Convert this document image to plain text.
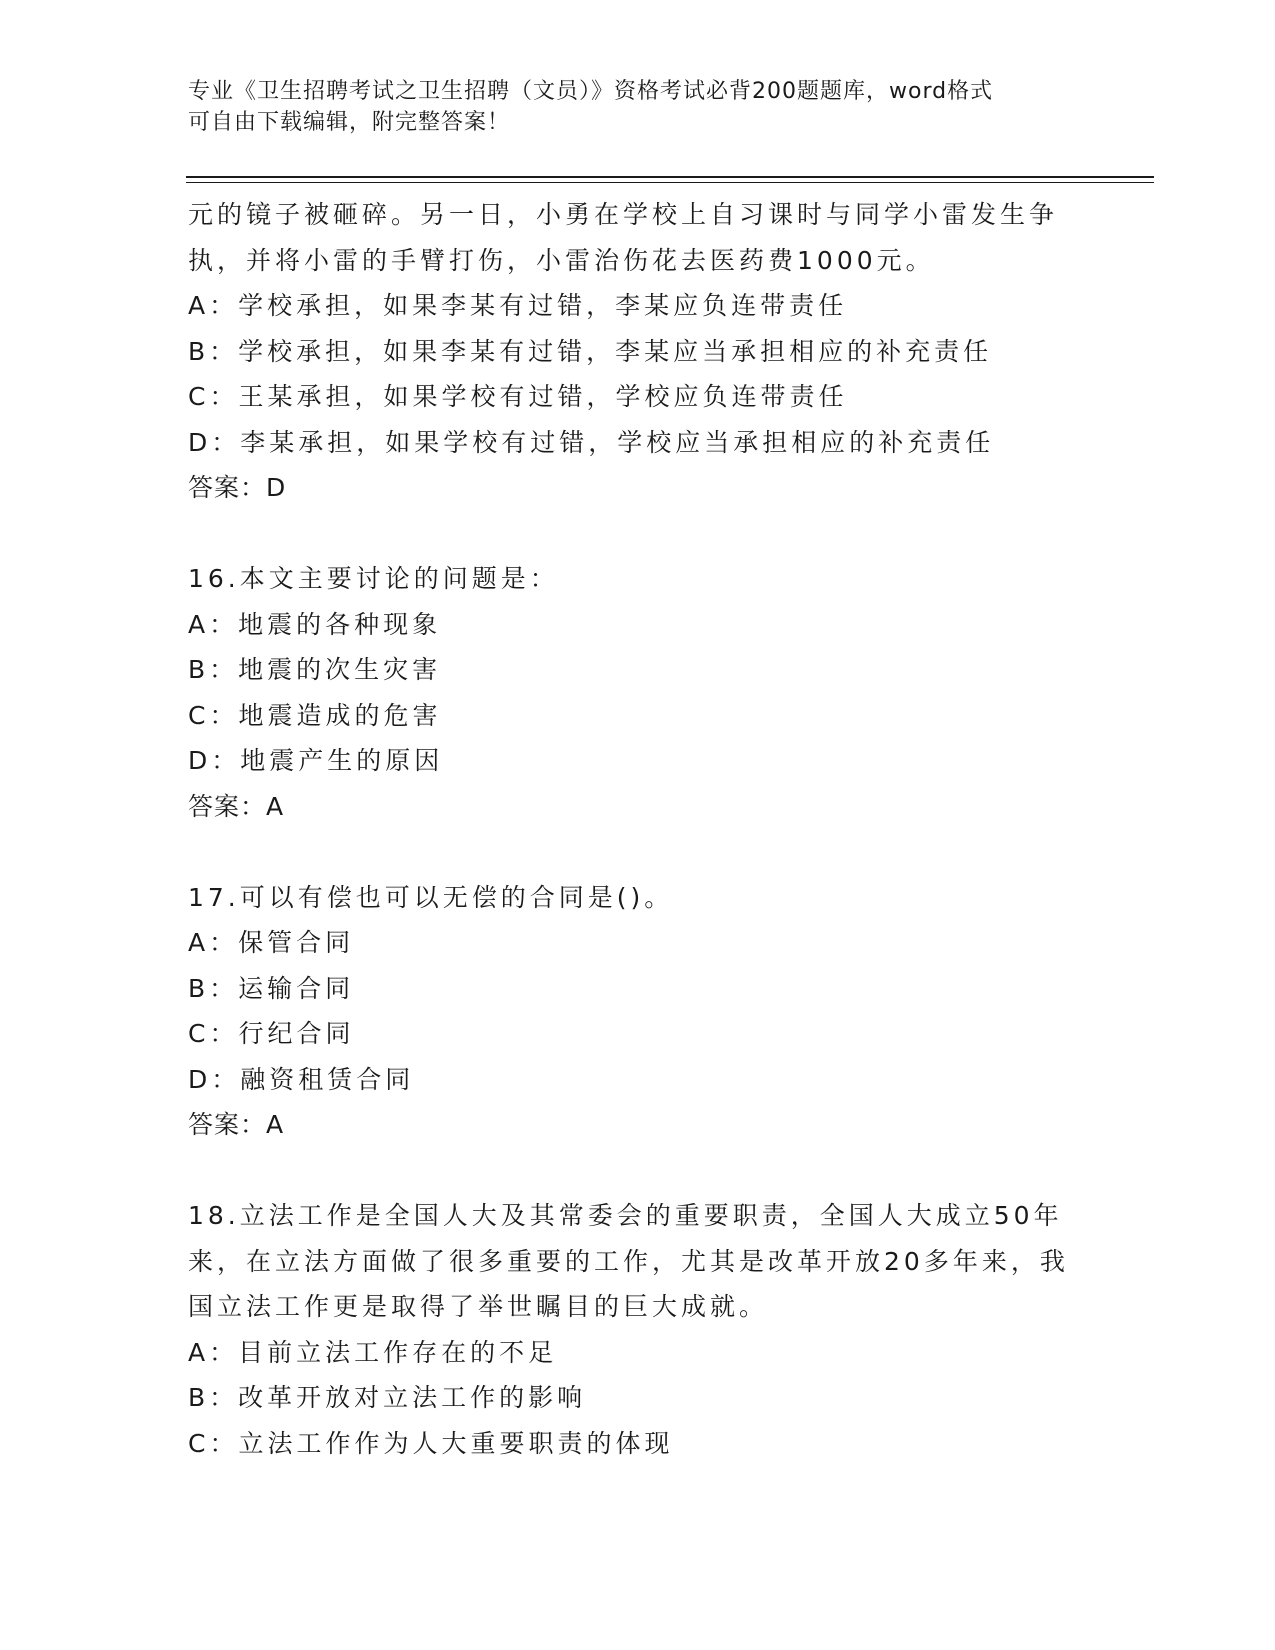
专业《卫生招聘考试之卫生招聘（文员）》资格考试必背200题题库，word格式
可自由下载编辑，附完整答案！
元的镜子被砸碎。另一日，小勇在学校上自习课时与同学小雷发生争
执，并将小雷的手臂打伤，小雷治伤花去医药费1000元。
A：学校承担，如果李某有过错，李某应负连带责任
B：学校承担，如果李某有过错，李某应当承担相应的补充责任
C：王某承担，如果学校有过错，学校应负连带责任
D：李某承担，如果学校有过错，学校应当承担相应的补充责任
答案：D
16.本文主要讨论的问题是：
A：地震的各种现象
B：地震的次生灾害
C：地震造成的危害
D：地震产生的原因
答案：A
17.可以有偿也可以无偿的合同是()。
A：保管合同
B：运输合同
C：行纪合同
D：融资租赁合同
答案：A
18.立法工作是全国人大及其常委会的重要职责，全国人大成立50年
来，在立法方面做了很多重要的工作，尤其是改革开放20多年来，我
国立法工作更是取得了举世瞩目的巨大成就。
A：目前立法工作存在的不足
B：改革开放对立法工作的影响
C：立法工作作为人大重要职责的体现
